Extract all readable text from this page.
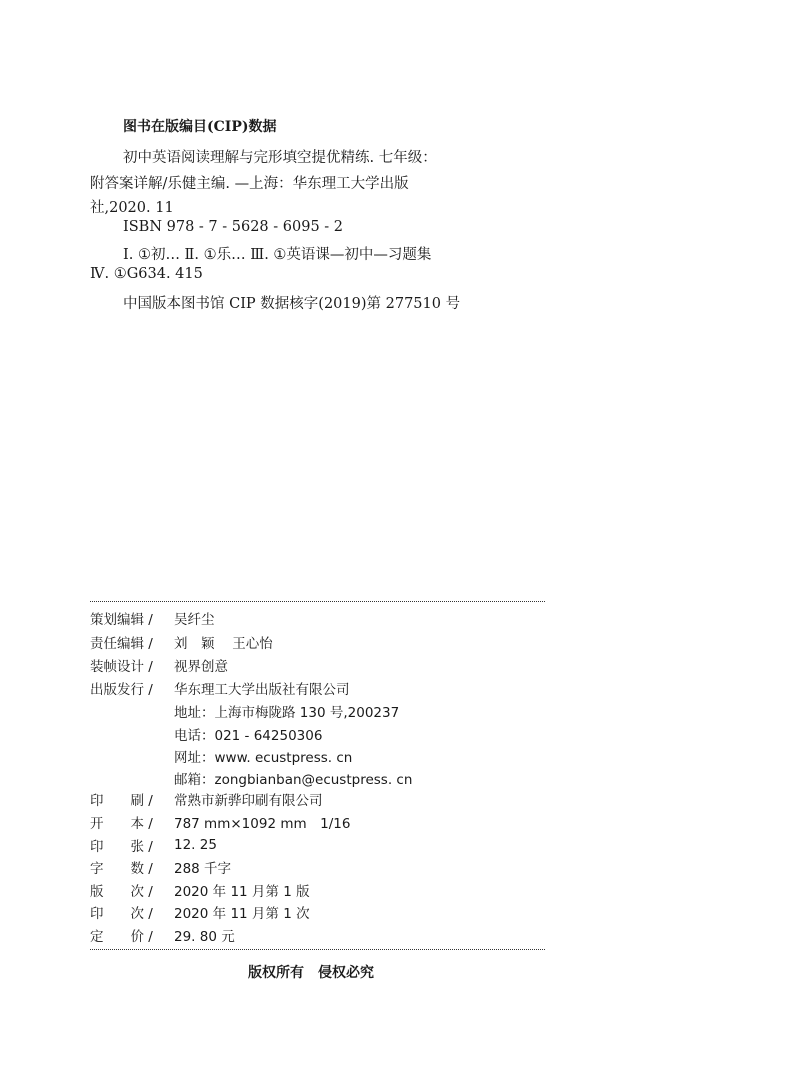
图书在版编目(CIP)数据
初中英语阅读理解与完形填空提优精练. 七年级：
附答案详解/乐健主编. —上海：华东理工大学出版
社,2020. 11
ISBN 978 - 7 - 5628 - 6095 - 2
Ⅰ. ①初… Ⅱ. ①乐… Ⅲ. ①英语课—初中—习题集
Ⅳ. ①G634. 415
中国版本图书馆 CIP 数据核字(2019)第 277510 号
策划编辑 /	吴纤尘
责任编辑 /	刘　颖　 王心怡
装帧设计 /	视界创意
出版发行 /	华东理工大学出版社有限公司
地址：上海市梅陇路 130 号,200237
电话：021 - 64250306
网址：www. ecustpress. cn
邮箱：zongbianban@ecustpress. cn
印　　刷 /	常熟市新骅印刷有限公司
开　　本 /	787 mm×1092 mm　1/16
印　　张 /	12. 25
字　　数 /	288 千字
版　　次 /	2020 年 11 月第 1 版
印　　次 /	2020 年 11 月第 1 次
定　　价 /	29. 80 元
版权所有　侵权必究
